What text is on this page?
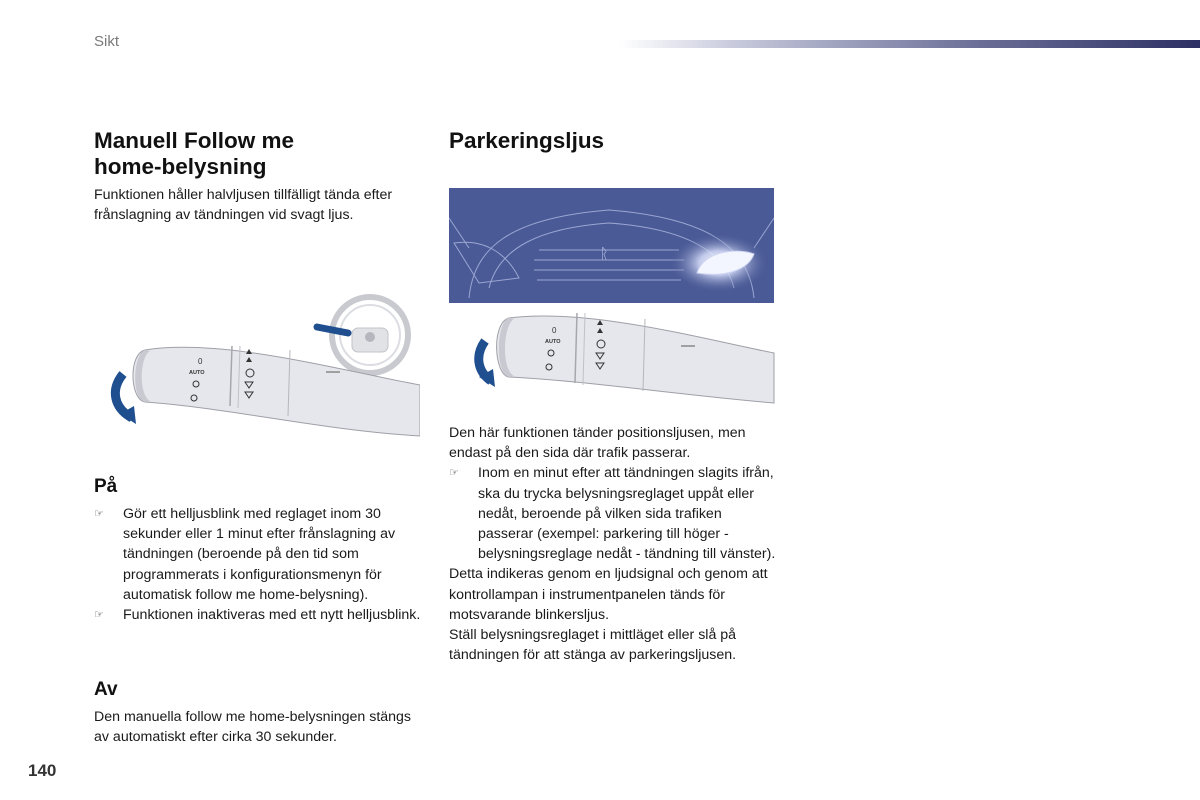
Sikt
Manuell Follow me
home-belysning

Funktionen håller halvljusen tillfälligt tända efter frånslagning av tändningen vid svagt ljus.

0
AUTO
På
☞ Gör ett helljusblink med reglaget inom 30 sekunder eller 1 minut efter frånslagning av tändningen (beroende på den tid som programmerats i konfigurationsmenyn för automatisk follow me home-belysning).
☞ Funktionen inaktiveras med ett nytt helljusblink.
Av

Den manuella follow me home-belysningen stängs av automatiskt efter cirka 30 sekunder.

Parkeringsljus
ᚱ
0
AUTO

Den här funktionen tänder positionsljusen, men endast på den sida där trafik passerar.

☞ Inom en minut efter att tändningen slagits ifrån, ska du trycka belysningsreglaget uppåt eller nedåt, beroende på vilken sida trafiken passerar (exempel: parkering till höger - belysningsreglage nedåt - tändning till vänster).

Detta indikeras genom en ljudsignal och genom att kontrollampan i instrumentpanelen tänds för motsvarande blinkersljus.

Ställ belysningsreglaget i mittläget eller slå på tändningen för att stänga av parkeringsljusen.

140
